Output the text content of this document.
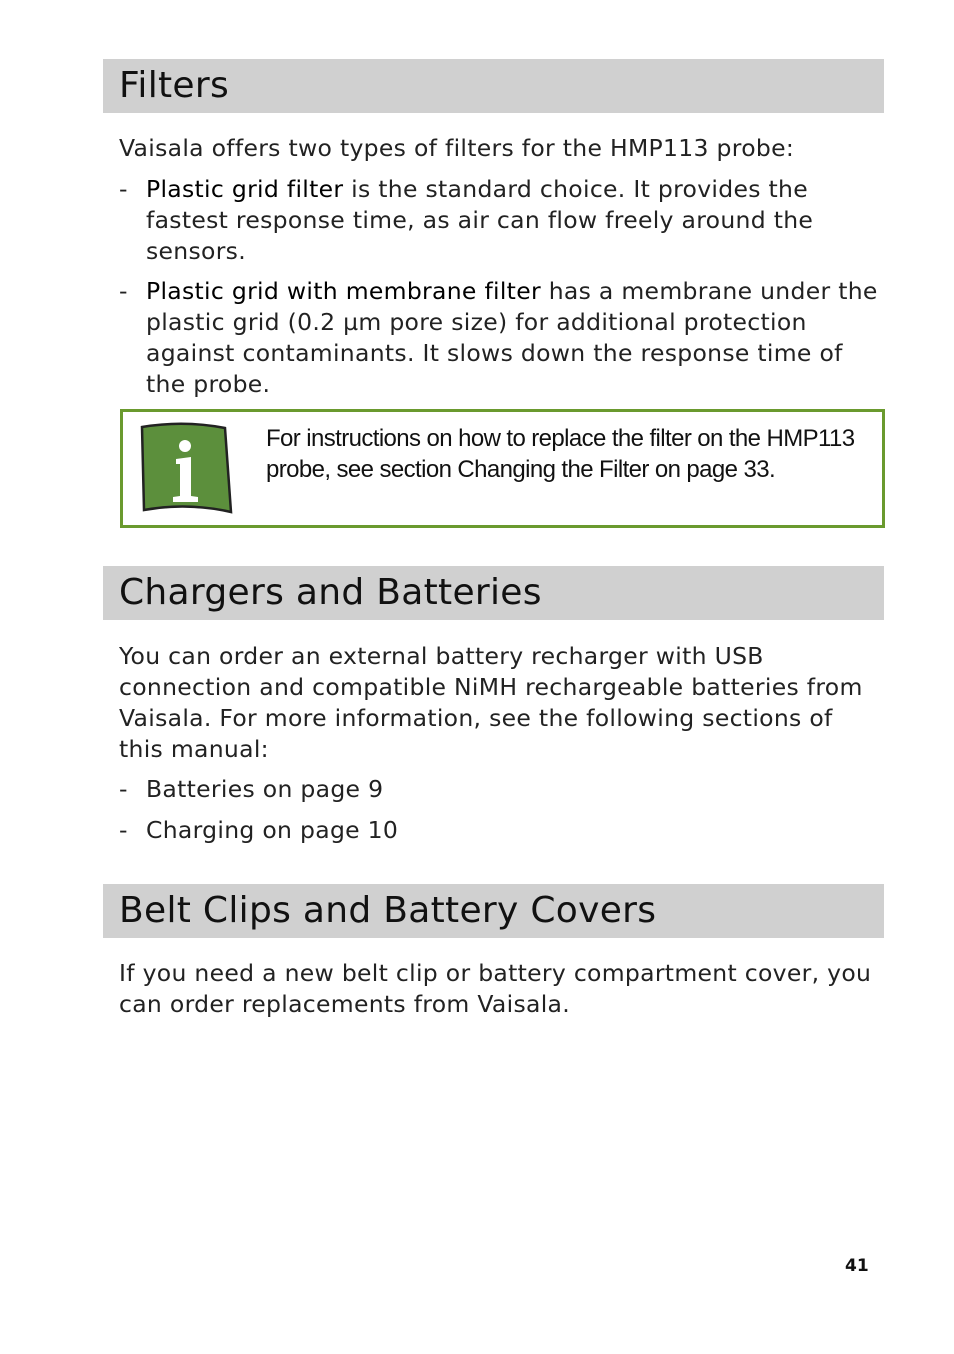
Filters

Vaisala offers two types of filters for the HMP113 probe:

- Plastic grid filter is the standard choice. It provides the fastest response time, as air can flow freely around the sensors.
- Plastic grid with membrane filter has a membrane under the plastic grid (0.2 µm pore size) for additional protection against contaminants. It slows down the response time of the probe.

For instructions on how to replace the filter on the HMP113 probe, see section Changing the Filter on page 33.

Chargers and Batteries

You can order an external battery recharger with USB connection and compatible NiMH rechargeable batteries from Vaisala. For more information, see the following sections of this manual:

- Batteries on page 9
- Charging on page 10
Belt Clips and Battery Covers

If you need a new belt clip or battery compartment cover, you can order replacements from Vaisala.

41
